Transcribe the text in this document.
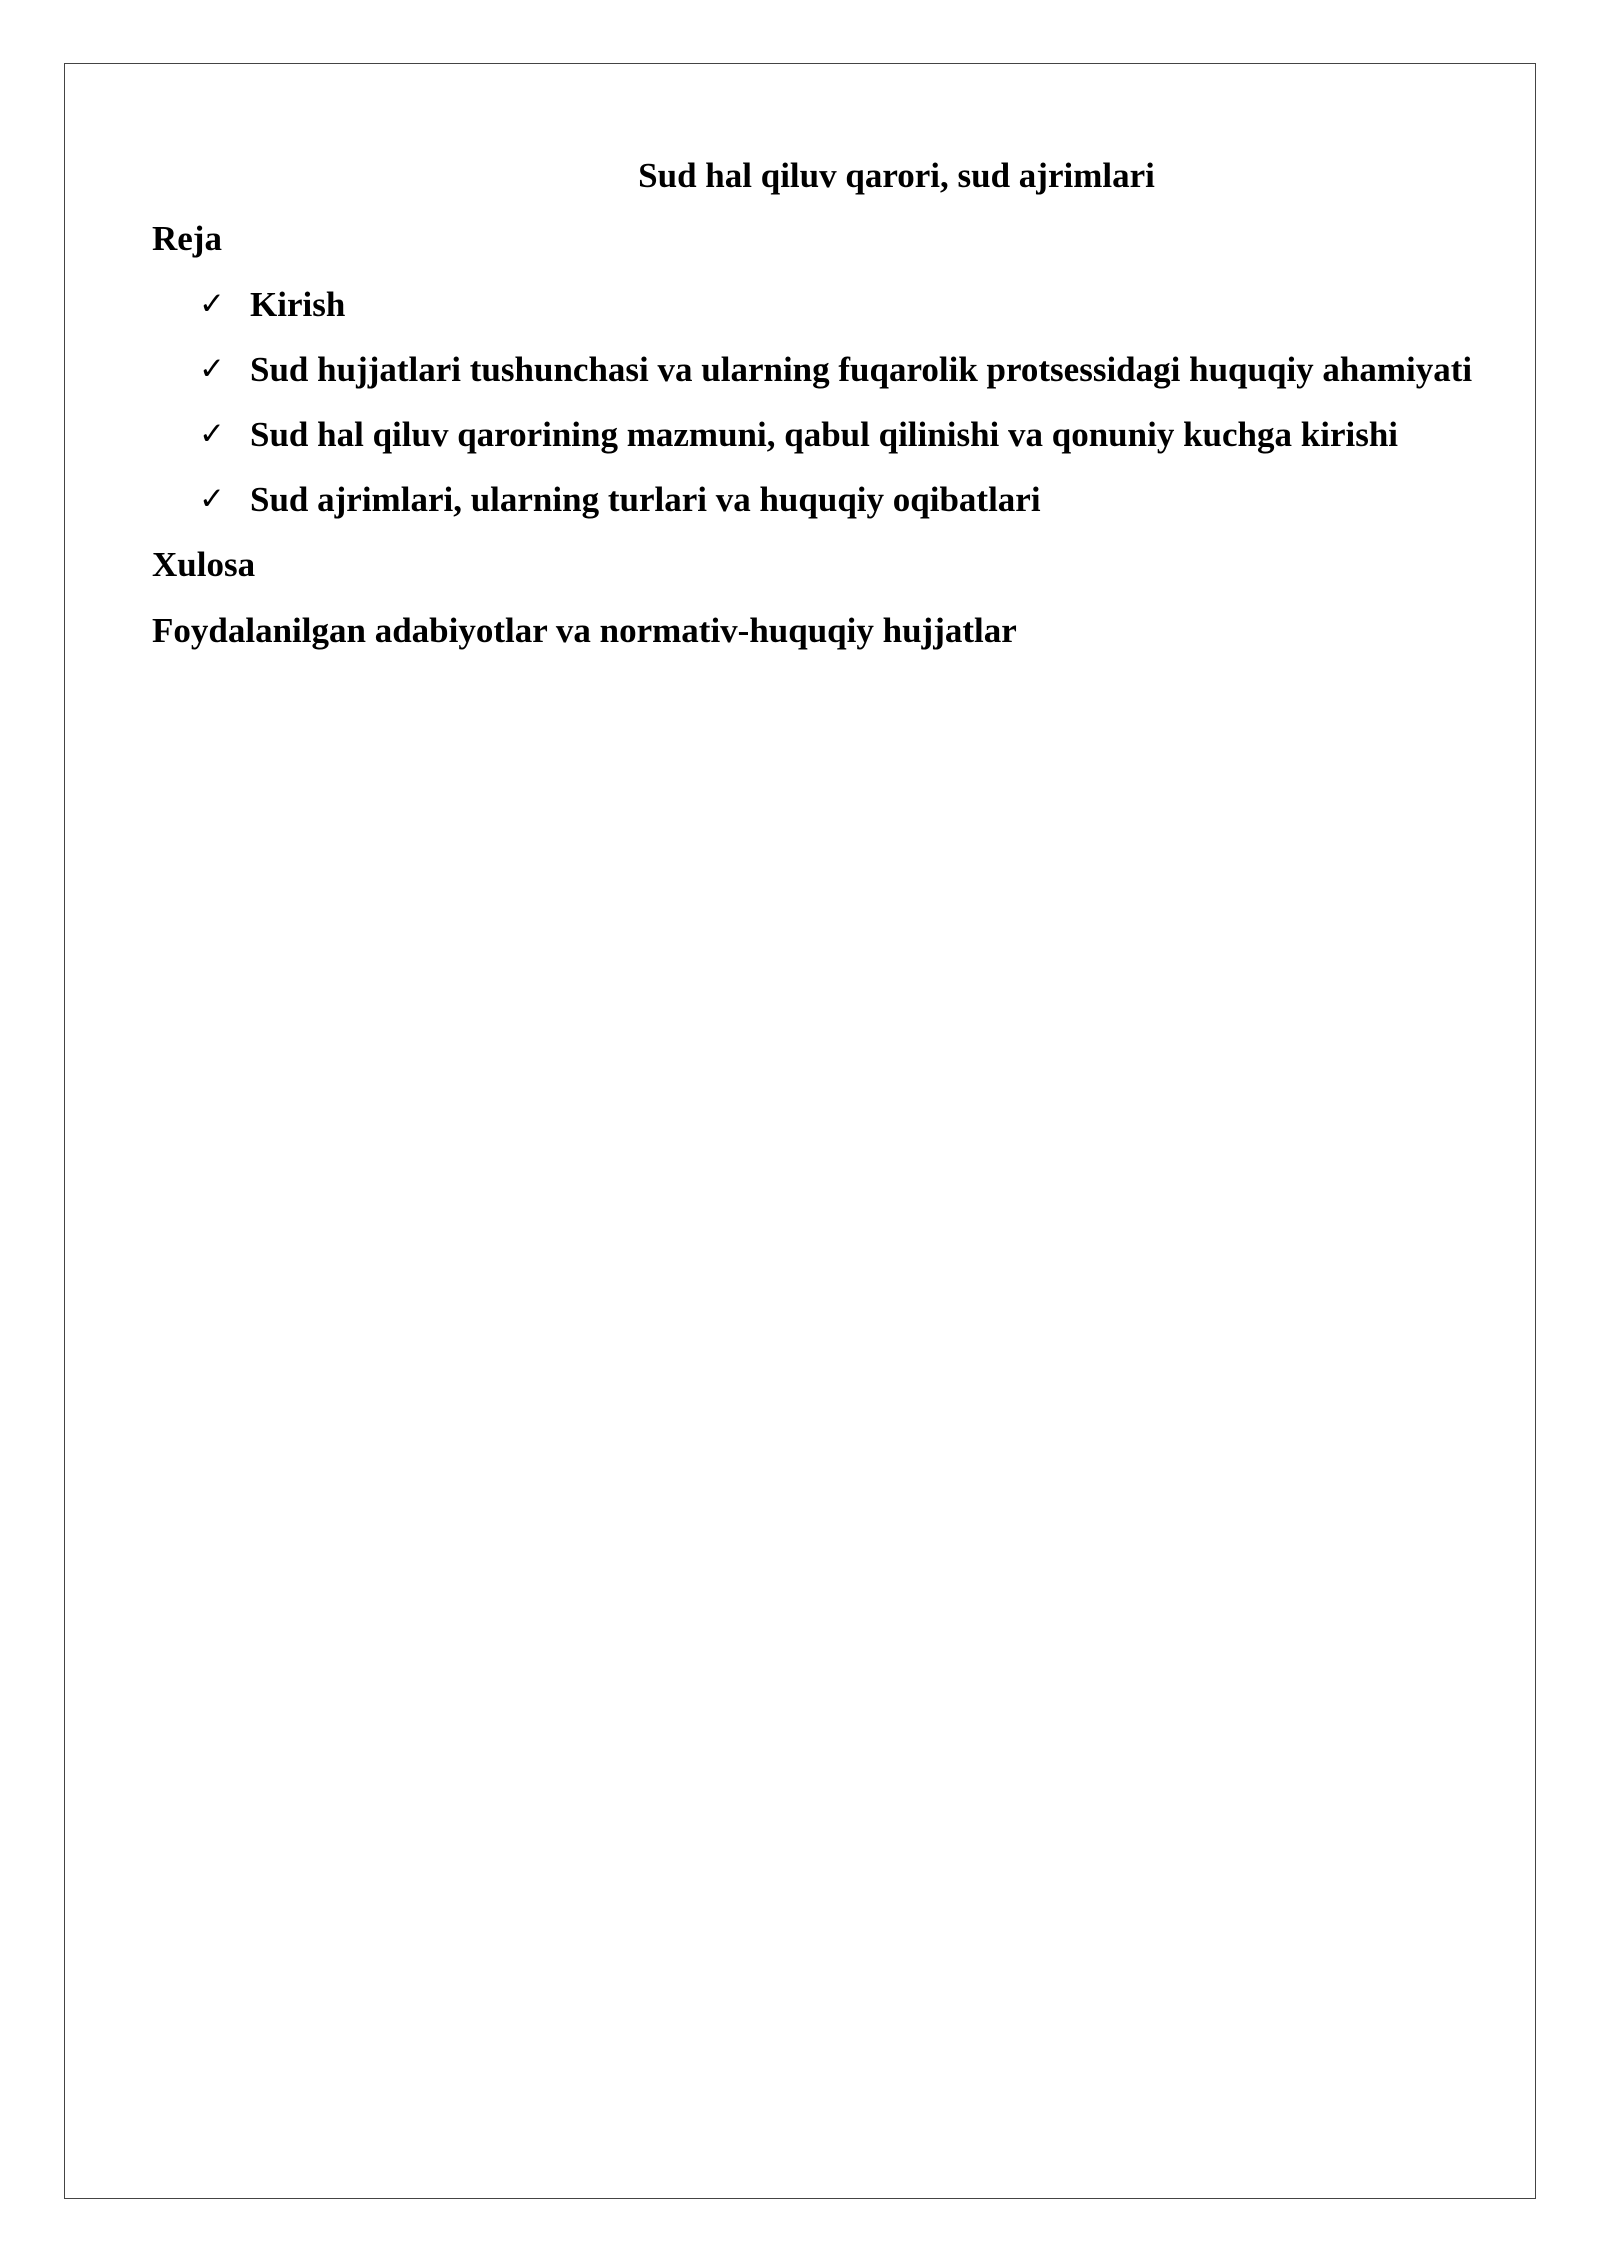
Sud hal qiluv qarori, sud ajrimlari
Reja
✓ Kirish
✓ Sud hujjatlari tushunchasi va ularning fuqarolik protsessidagi huquqiy ahamiyati
✓ Sud hal qiluv qarorining mazmuni, qabul qilinishi va qonuniy kuchga kirishi
✓ Sud ajrimlari, ularning turlari va huquqiy oqibatlari
Xulosa
Foydalanilgan adabiyotlar va normativ-huquqiy hujjatlar
